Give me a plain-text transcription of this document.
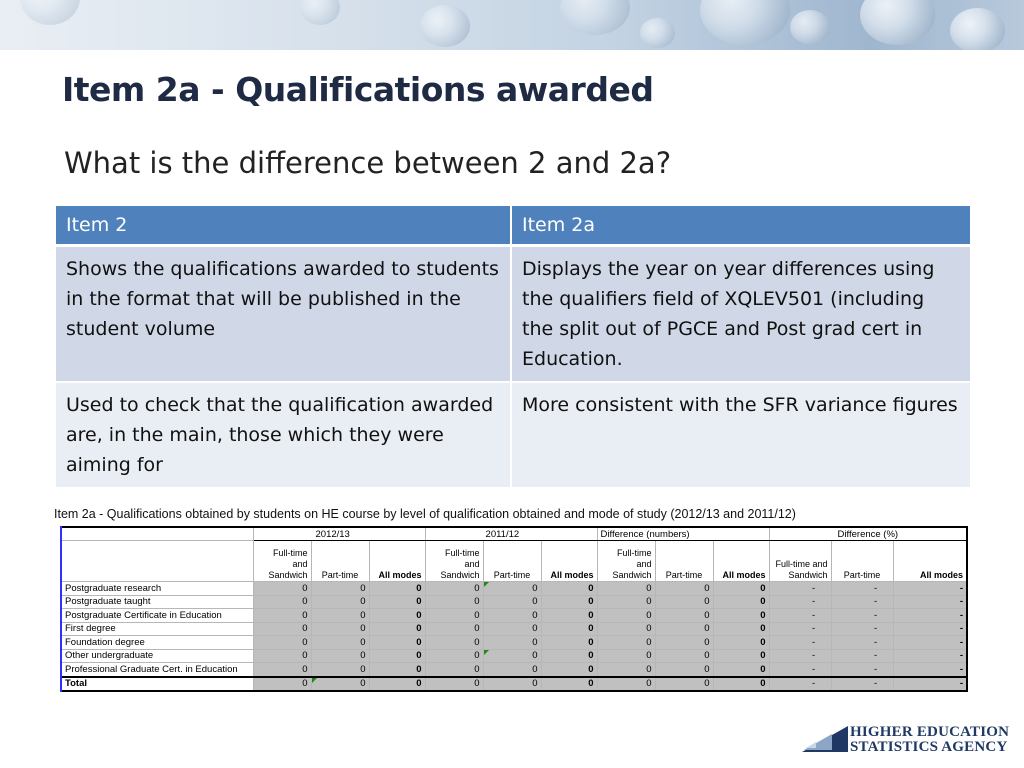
Item 2a - Qualifications awarded
What is the difference between 2 and 2a?
Item 2	Item 2a
Shows the qualifications awarded to students in the format that will be published in the student volume	Displays the year on year differences using the qualifiers field of XQLEV501 (including the split out of PGCE and Post grad cert in Education.
Used to check that the qualification awarded are, in the main, those which they were aiming for	More consistent with the SFR variance figures
Item 2a - Qualifications obtained by students on HE course by level of qualification obtained and mode of study (2012/13 and 2011/12)
	2012/13			2011/12			Difference (numbers)			Difference (%)		
	Full-time and Sandwich	Part-time	All modes	Full-time and Sandwich	Part-time	All modes	Full-time and Sandwich	Part-time	All modes	Full-time and Sandwich	Part-time	All modes
Postgraduate research	0	0	0	0	0	0	0	0	0	-	-	-
Postgraduate taught	0	0	0	0	0	0	0	0	0	-	-	-
Postgraduate Certificate in Education	0	0	0	0	0	0	0	0	0	-	-	-
First degree	0	0	0	0	0	0	0	0	0	-	-	-
Foundation degree	0	0	0	0	0	0	0	0	0	-	-	-
Other undergraduate	0	0	0	0	0	0	0	0	0	-	-	-
Professional Graduate Cert. in Education	0	0	0	0	0	0	0	0	0	-	-	-
Total	0	0	0	0	0	0	0	0	0	-	-	-
HIGHER EDUCATION
STATISTICS AGENCY
